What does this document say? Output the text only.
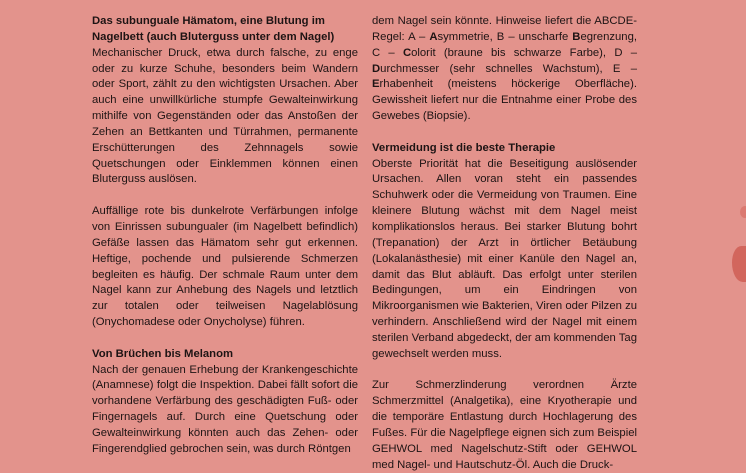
Das subunguale Hämatom, eine Blutung im Nagelbett (auch Bluterguss unter dem Nagel)

Mechanischer Druck, etwa durch falsche, zu enge oder zu kurze Schuhe, besonders beim Wandern oder Sport, zählt zu den wichtigsten Ursachen. Aber auch eine unwillkürliche stumpfe Gewalteinwirkung mithilfe von Gegenständen oder das Anstoßen der Zehen an Bettkanten und Türrahmen, permanente Erschütterungen des Zehnnagels sowie Quetschungen oder Einklemmen können einen Bluterguss auslösen.

Auffällige rote bis dunkelrote Verfärbungen infolge von Einrissen subungualer (im Nagelbett befindlich) Gefäße lassen das Hämatom sehr gut erkennen. Heftige, pochende und pulsierende Schmerzen begleiten es häufig. Der schmale Raum unter dem Nagel kann zur Anhebung des Nagels und letztlich zur totalen oder teilweisen Nagelablösung (Onychomadese oder Onycholyse) führen.

Von Brüchen bis Melanom

Nach der genauen Erhebung der Krankengeschichte (Anamnese) folgt die Inspektion. Dabei fällt sofort die vorhandene Verfärbung des geschädigten Fuß- oder Fingernagels auf. Durch eine Quetschung oder Gewalteinwirkung könnten auch das Zehen- oder Fingerendglied gebrochen sein, was durch Röntgen

dem Nagel sein könnte. Hinweise liefert die ABCDE-Regel: A – Asymmetrie, B – unscharfe Begrenzung, C – Colorit (braune bis schwarze Farbe), D – Durchmesser (sehr schnelles Wachstum), E – Erhabenheit (meistens höckerige Oberfläche). Gewissheit liefert nur die Entnahme einer Probe des Gewebes (Biopsie).

Vermeidung ist die beste Therapie

Oberste Priorität hat die Beseitigung auslösender Ursachen. Allen voran steht ein passendes Schuhwerk oder die Vermeidung von Traumen. Eine kleinere Blutung wächst mit dem Nagel meist komplikationslos heraus. Bei starker Blutung bohrt (Trepanation) der Arzt in örtlicher Betäubung (Lokalanästhesie) mit einer Kanüle den Nagel an, damit das Blut abläuft. Das erfolgt unter sterilen Bedingungen, um ein Eindringen von Mikroorganismen wie Bakterien, Viren oder Pilzen zu verhindern. Anschließend wird der Nagel mit einem sterilen Verband abgedeckt, der am kommenden Tag gewechselt werden muss.

Zur Schmerzlinderung verordnen Ärzte Schmerzmittel (Analgetika), eine Kryotherapie und die temporäre Entlastung durch Hochlagerung des Fußes. Für die Nagelpflege eignen sich zum Beispiel GEHWOL med Nagelschutz-Stift oder GEHWOL med Nagel- und Hautschutz-Öl. Auch die Druck-
